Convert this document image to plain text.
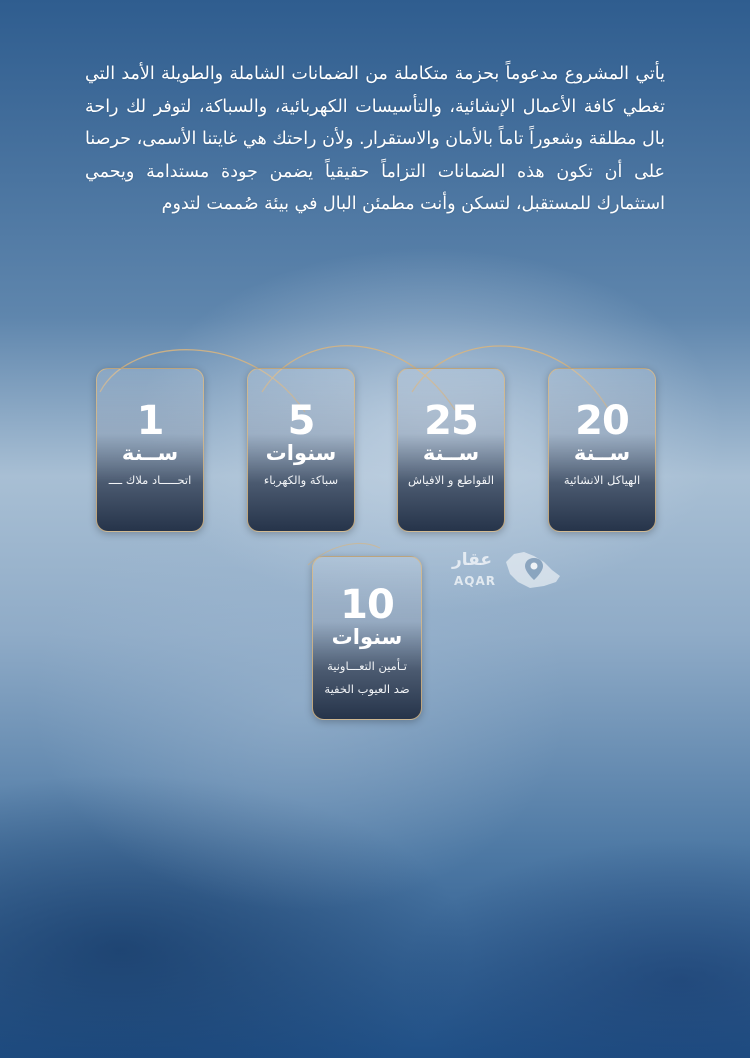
يأتي المشروع مدعوماً بحزمة متكاملة من الضمانات الشاملة والطويلة الأمد التي تغطي كافة الأعمال الإنشائية، والتأسيسات الكهربائية، والسباكة، لتوفر لك راحة بال مطلقة وشعوراً تاماً بالأمان والاستقرار. ولأن راحتك هي غايتنا الأسمى، حرصنا على أن تكون هذه الضمانات التزاماً حقيقياً يضمن جودة مستدامة ويحمي استثمارك للمستقبل، لتسكن وأنت مطمئن البال في بيئة صُممت لتدوم
20
ســنة
الهياكل الانشائية
25
ســنة
القواطع و الافياش
5
سنوات
سباكة والكهرباء
1
ســنة
اتحـــــاد ملاك ــــ
10
سنوات
تـأمين التعـــاونية
ضد العيوب الخفية
عقار
AQAR
